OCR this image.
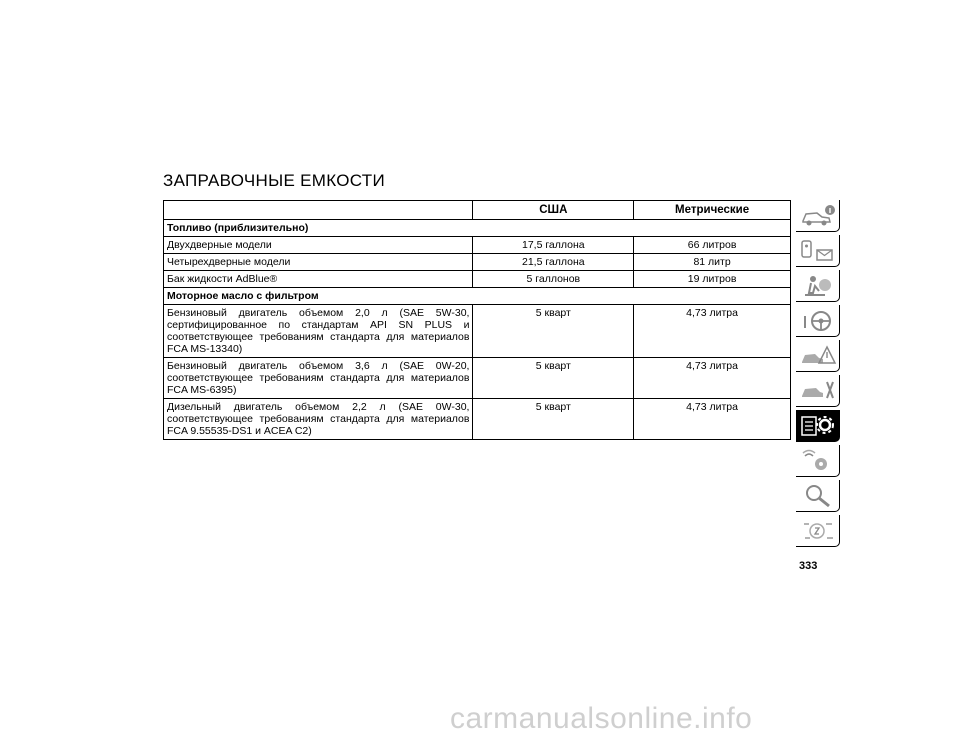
ЗАПРАВОЧНЫЕ ЕМКОСТИ
	США	Метрические
Топливо (приблизительно)		
Двухдверные модели	17,5 галлона	66 литров
Четырехдверные модели	21,5 галлона	81 литр
Бак жидкости AdBlue®	5 галлонов	19 литров
Моторное масло с фильтром		
Бензиновый двигатель объемом 2,0 л (SAE 5W-30, сертифицированное по стандартам API SN PLUS и соответствующее требованиям стандарта для материалов FCA MS-13340)	5 кварт	4,73 литра
Бензиновый двигатель объемом 3,6 л (SAE 0W-20, соответствующее требованиям стандарта для материалов FCA MS-6395)	5 кварт	4,73 литра
Дизельный двигатель объемом 2,2 л (SAE 0W-30, соответствующее требованиям стандарта для материалов FCA 9.55535-DS1 и ACEA C2)	5 кварт	4,73 литра
333
carmanualsonline.info
